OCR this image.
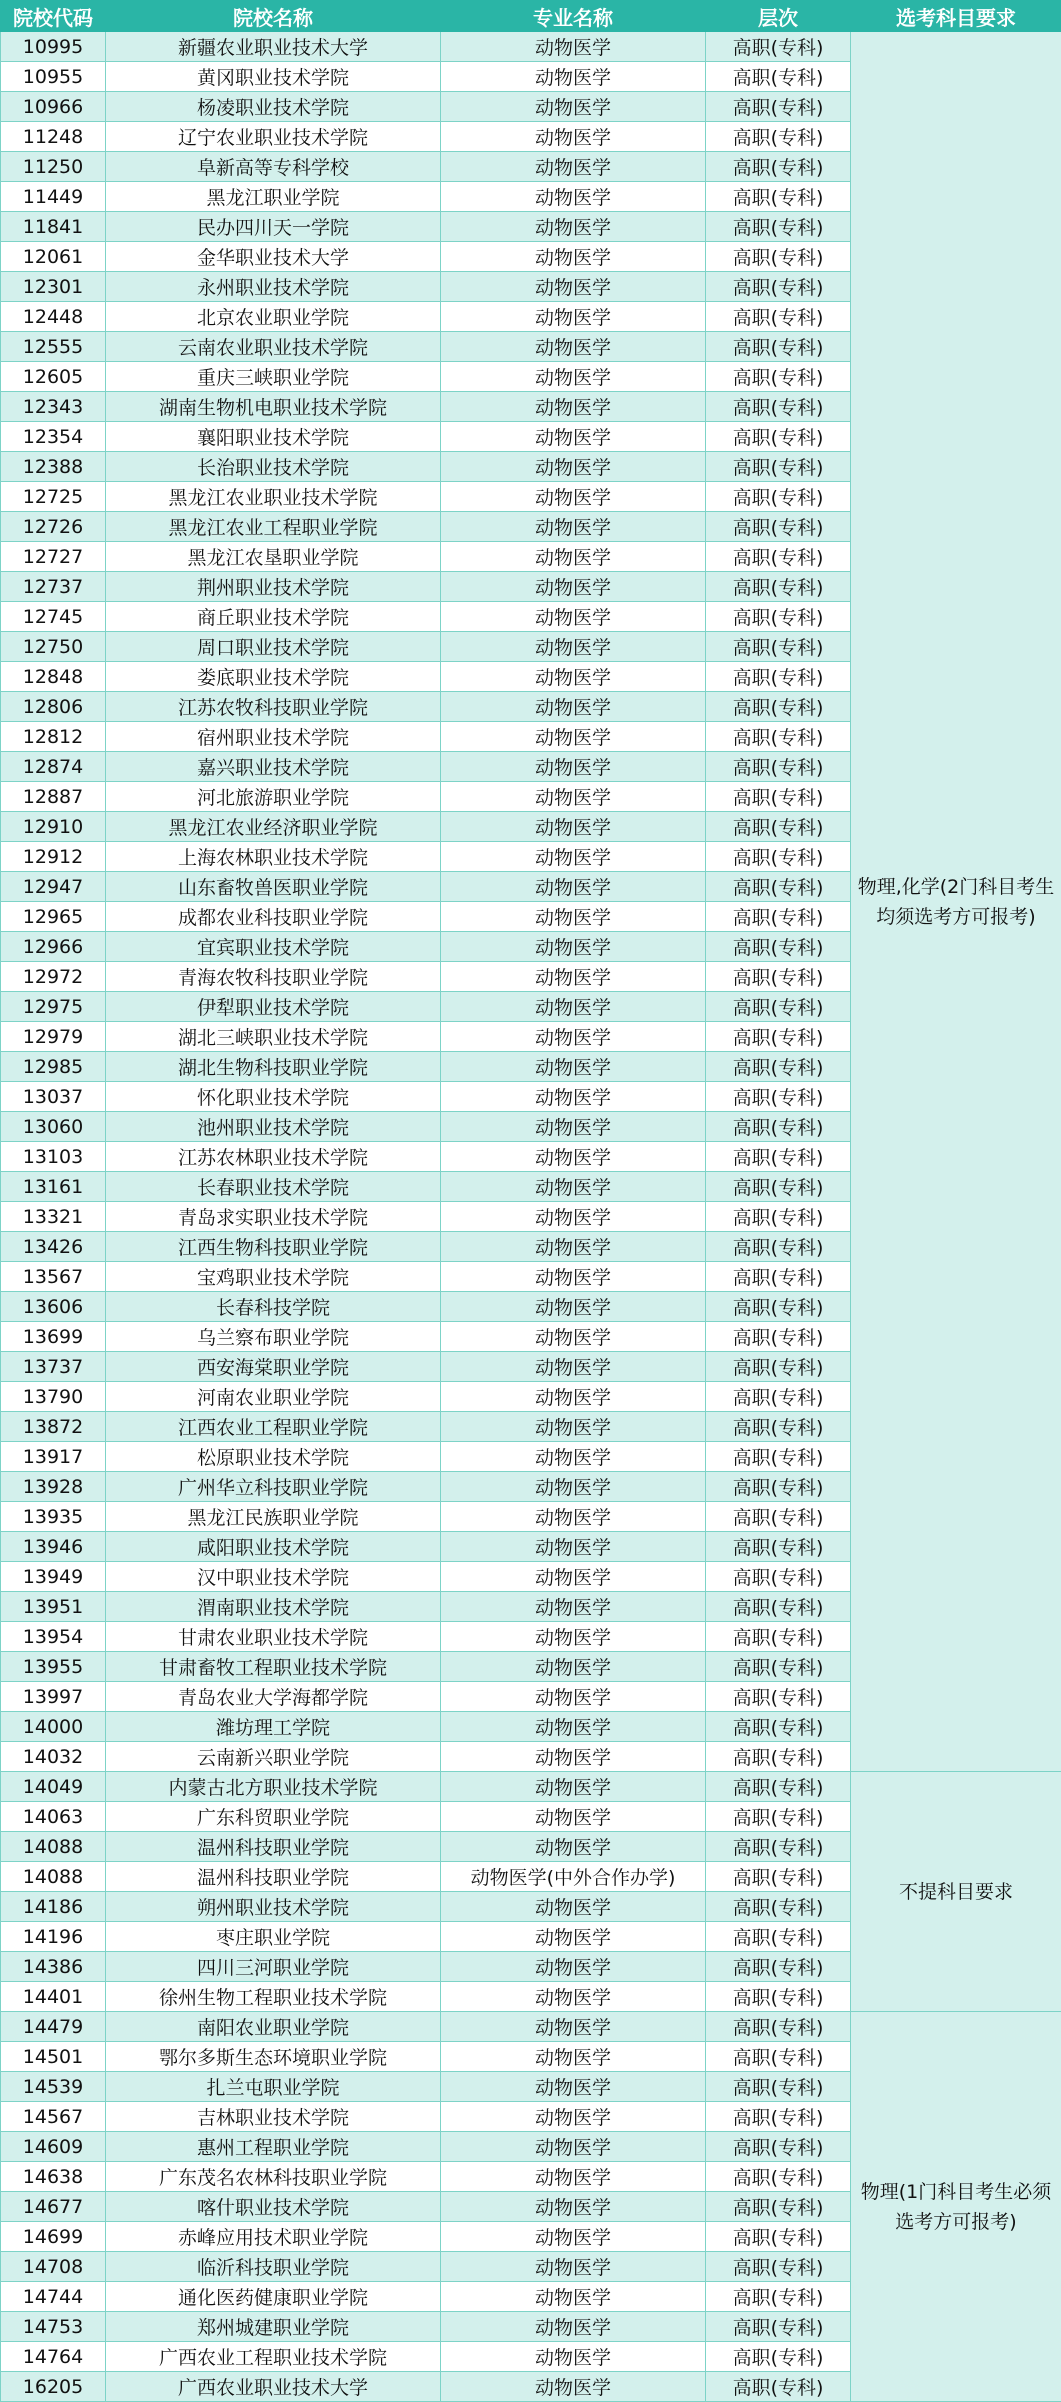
院校代码	院校名称	专业名称	层次	选考科目要求
10995	新疆农业职业技术大学	动物医学	高职(专科)	物理,化学(2门科目考生均须选考方可报考)
10955	黄冈职业技术学院	动物医学	高职(专科)	
10966	杨凌职业技术学院	动物医学	高职(专科)	
11248	辽宁农业职业技术学院	动物医学	高职(专科)	
11250	阜新高等专科学校	动物医学	高职(专科)	
11449	黑龙江职业学院	动物医学	高职(专科)	
11841	民办四川天一学院	动物医学	高职(专科)	
12061	金华职业技术大学	动物医学	高职(专科)	
12301	永州职业技术学院	动物医学	高职(专科)	
12448	北京农业职业学院	动物医学	高职(专科)	
12555	云南农业职业技术学院	动物医学	高职(专科)	
12605	重庆三峡职业学院	动物医学	高职(专科)	
12343	湖南生物机电职业技术学院	动物医学	高职(专科)	
12354	襄阳职业技术学院	动物医学	高职(专科)	
12388	长治职业技术学院	动物医学	高职(专科)	
12725	黑龙江农业职业技术学院	动物医学	高职(专科)	
12726	黑龙江农业工程职业学院	动物医学	高职(专科)	
12727	黑龙江农垦职业学院	动物医学	高职(专科)	
12737	荆州职业技术学院	动物医学	高职(专科)	
12745	商丘职业技术学院	动物医学	高职(专科)	
12750	周口职业技术学院	动物医学	高职(专科)	
12848	娄底职业技术学院	动物医学	高职(专科)	
12806	江苏农牧科技职业学院	动物医学	高职(专科)	
12812	宿州职业技术学院	动物医学	高职(专科)	
12874	嘉兴职业技术学院	动物医学	高职(专科)	
12887	河北旅游职业学院	动物医学	高职(专科)	
12910	黑龙江农业经济职业学院	动物医学	高职(专科)	
12912	上海农林职业技术学院	动物医学	高职(专科)	
12947	山东畜牧兽医职业学院	动物医学	高职(专科)	
12965	成都农业科技职业学院	动物医学	高职(专科)	
12966	宜宾职业技术学院	动物医学	高职(专科)	
12972	青海农牧科技职业学院	动物医学	高职(专科)	
12975	伊犁职业技术学院	动物医学	高职(专科)	
12979	湖北三峡职业技术学院	动物医学	高职(专科)	
12985	湖北生物科技职业学院	动物医学	高职(专科)	
13037	怀化职业技术学院	动物医学	高职(专科)	
13060	池州职业技术学院	动物医学	高职(专科)	
13103	江苏农林职业技术学院	动物医学	高职(专科)	
13161	长春职业技术学院	动物医学	高职(专科)	
13321	青岛求实职业技术学院	动物医学	高职(专科)	
13426	江西生物科技职业学院	动物医学	高职(专科)	
13567	宝鸡职业技术学院	动物医学	高职(专科)	
13606	长春科技学院	动物医学	高职(专科)	
13699	乌兰察布职业学院	动物医学	高职(专科)	
13737	西安海棠职业学院	动物医学	高职(专科)	
13790	河南农业职业学院	动物医学	高职(专科)	
13872	江西农业工程职业学院	动物医学	高职(专科)	
13917	松原职业技术学院	动物医学	高职(专科)	
13928	广州华立科技职业学院	动物医学	高职(专科)	
13935	黑龙江民族职业学院	动物医学	高职(专科)	
13946	咸阳职业技术学院	动物医学	高职(专科)	
13949	汉中职业技术学院	动物医学	高职(专科)	
13951	渭南职业技术学院	动物医学	高职(专科)	
13954	甘肃农业职业技术学院	动物医学	高职(专科)	
13955	甘肃畜牧工程职业技术学院	动物医学	高职(专科)	
13997	青岛农业大学海都学院	动物医学	高职(专科)	
14000	潍坊理工学院	动物医学	高职(专科)	
14032	云南新兴职业学院	动物医学	高职(专科)	
14049	内蒙古北方职业技术学院	动物医学	高职(专科)	不提科目要求
14063	广东科贸职业学院	动物医学	高职(专科)	
14088	温州科技职业学院	动物医学	高职(专科)	
14088	温州科技职业学院	动物医学(中外合作办学)	高职(专科)	
14186	朔州职业技术学院	动物医学	高职(专科)	
14196	枣庄职业学院	动物医学	高职(专科)	
14386	四川三河职业学院	动物医学	高职(专科)	
14401	徐州生物工程职业技术学院	动物医学	高职(专科)	
14479	南阳农业职业学院	动物医学	高职(专科)	物理(1门科目考生必须选考方可报考)
14501	鄂尔多斯生态环境职业学院	动物医学	高职(专科)	
14539	扎兰屯职业学院	动物医学	高职(专科)	
14567	吉林职业技术学院	动物医学	高职(专科)	
14609	惠州工程职业学院	动物医学	高职(专科)	
14638	广东茂名农林科技职业学院	动物医学	高职(专科)	
14677	喀什职业技术学院	动物医学	高职(专科)	
14699	赤峰应用技术职业学院	动物医学	高职(专科)	
14708	临沂科技职业学院	动物医学	高职(专科)	
14744	通化医药健康职业学院	动物医学	高职(专科)	
14753	郑州城建职业学院	动物医学	高职(专科)	
14764	广西农业工程职业技术学院	动物医学	高职(专科)	
16205	广西农业职业技术大学	动物医学	高职(专科)	
